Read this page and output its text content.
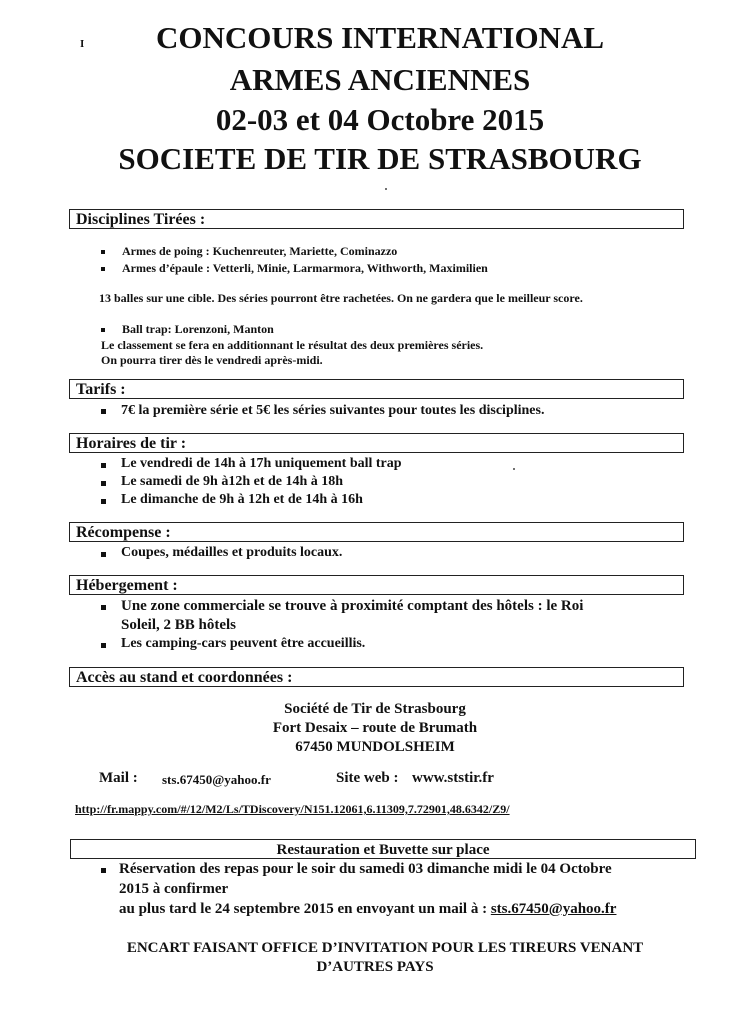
I	CONCOURS INTERNATIONAL
ARMES ANCIENNES
02-03 et 04 Octobre 2015
SOCIETE DE TIR DE STRASBOURG
Disciplines Tirées :
Armes de poing : Kuchenreuter, Mariette, Cominazzo
Armes d’épaule : Vetterli, Minie, Larmarmora, Withworth, Maximilien
13 balles sur une cible. Des séries pourront être rachetées. On ne gardera que le meilleur score.
Ball trap: Lorenzoni, Manton
Le classement se fera en additionnant le résultat des deux premières séries.
On pourra tirer dès le vendredi après-midi.
Tarifs :
7€ la première série et 5€ les séries suivantes pour toutes les disciplines.
Horaires de tir :
Le vendredi de 14h à 17h uniquement ball trap
Le samedi de 9h à12h et de 14h à 18h
Le dimanche de 9h à 12h et de 14h à 16h
Récompense :
Coupes, médailles et produits locaux.
Hébergement :
Une zone commerciale se trouve à proximité comptant des hôtels : le Roi
Soleil, 2 BB hôtels
Les camping-cars peuvent être accueillis.
Accès au stand et coordonnées :
Société de Tir de Strasbourg
Fort Desaix – route de Brumath
67450 MUNDOLSHEIM
Mail : sts.67450@yahoo.fr	Site web : www.ststir.fr
http://fr.mappy.com/#/12/M2/Ls/TDiscovery/N151.12061,6.11309,7.72901,48.6342/Z9/
Restauration et Buvette sur place
Réservation des repas pour le soir du samedi 03 dimanche midi le 04 Octobre
2015 à confirmer
au plus tard le 24 septembre 2015 en envoyant un mail à : sts.67450@yahoo.fr
ENCART FAISANT OFFICE D’INVITATION POUR LES TIREURS VENANT
D’AUTRES PAYS
